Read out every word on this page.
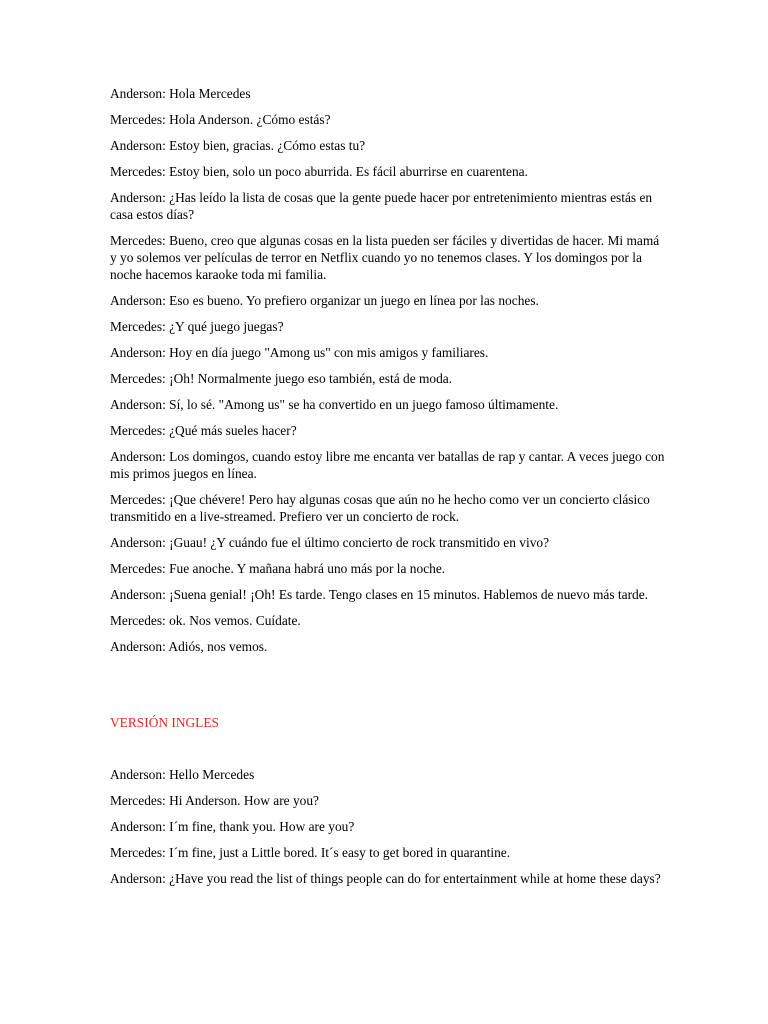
Anderson: Hola Mercedes

Mercedes: Hola Anderson. ¿Cómo estás?

Anderson: Estoy bien, gracias. ¿Cómo estas tu?

Mercedes: Estoy bien, solo un poco aburrida. Es fácil aburrirse en cuarentena.

Anderson: ¿Has leído la lista de cosas que la gente puede hacer por entretenimiento mientras estás en casa estos días?

Mercedes: Bueno, creo que algunas cosas en la lista pueden ser fáciles y divertidas de hacer. Mi mamá y yo solemos ver películas de terror en Netflix cuando yo no tenemos clases. Y los domingos por la noche hacemos karaoke toda mi familia.

Anderson: Eso es bueno. Yo prefiero organizar un juego en línea por las noches.

Mercedes: ¿Y qué juego juegas?

Anderson: Hoy en día juego "Among us" con mis amigos y familiares.

Mercedes: ¡Oh! Normalmente juego eso también, está de moda.

Anderson: Sí, lo sé. "Among us" se ha convertido en un juego famoso últimamente.

Mercedes: ¿Qué más sueles hacer?

Anderson: Los domingos, cuando estoy libre me encanta ver batallas de rap y cantar. A veces juego con mis primos juegos en línea.

Mercedes: ¡Que chévere! Pero hay algunas cosas que aún no he hecho como ver un concierto clásico transmitido en a live-streamed. Prefiero ver un concierto de rock.

Anderson: ¡Guau! ¿Y cuándo fue el último concierto de rock transmitido en vivo?

Mercedes: Fue anoche. Y mañana habrá uno más por la noche.

Anderson: ¡Suena genial! ¡Oh! Es tarde. Tengo clases en 15 minutos. Hablemos de nuevo más tarde.

Mercedes: ok. Nos vemos. Cuídate.

Anderson: Adiós, nos vemos.

VERSIÓN INGLES

Anderson: Hello Mercedes

Mercedes: Hi Anderson. How are you?

Anderson: I´m fine, thank you. How are you?

Mercedes: I´m fine, just a Little bored. It´s easy to get bored in quarantine.

Anderson: ¿Have you read the list of things people can do for entertainment while at home these days?
